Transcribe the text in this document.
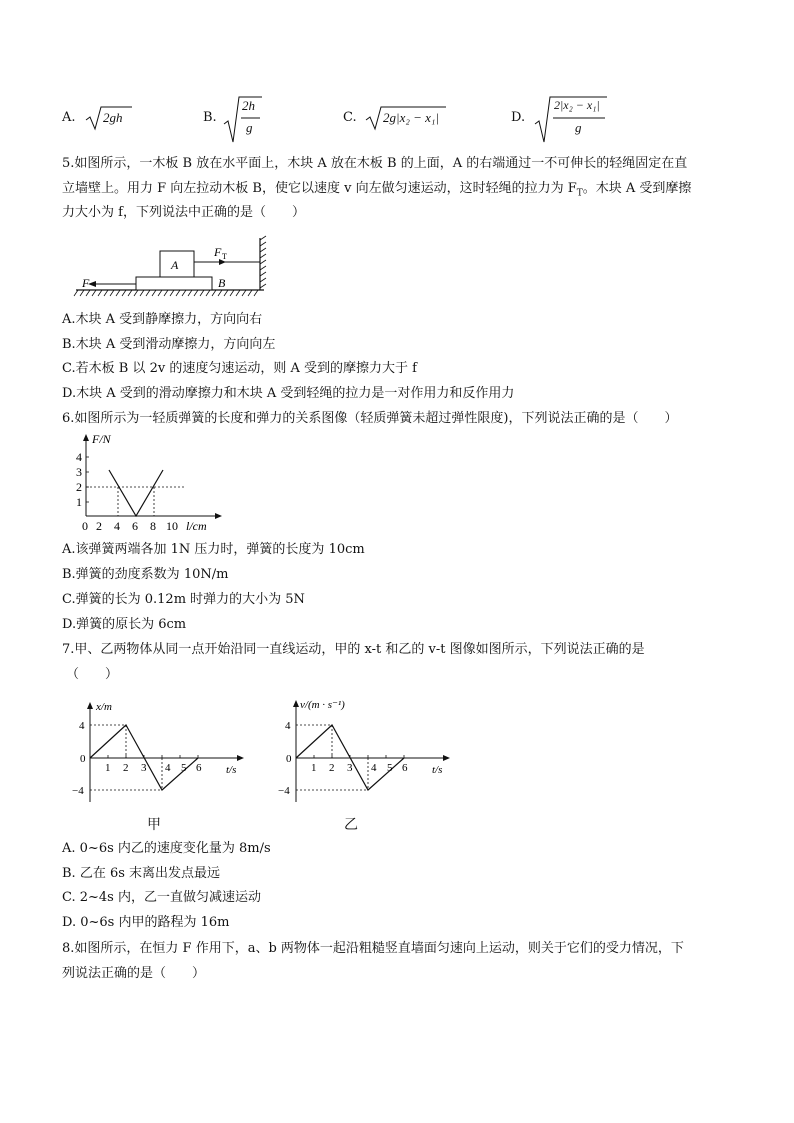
A. 2gh	B.
2h
g
C. 2g|x₂ − x₁|	D.
2|x₂ − x₁|
g
5.如图所示，一木板 B 放在水平面上，木块 A 放在木板 B 的上面，A 的右端通过一不可伸长的轻绳固定在直
立墙壁上。用力 F 向左拉动木板 B，使它以速度 v 向左做匀速运动，这时轻绳的拉力为 $F_T$。木块 A 受到摩擦
力大小为 f，下列说法中正确的是（　　）
A
B
F
F T
A.木块 A 受到静摩擦力，方向向右
B.木块 A 受到滑动摩擦力，方向向左
C.若木板 B 以 2v 的速度匀速运动，则 A 受到的摩擦力大于 f
D.木块 A 受到的滑动摩擦力和木块 A 受到轻绳的拉力是一对作用力和反作用力
6.如图所示为一轻质弹簧的长度和弹力的关系图像（轻质弹簧未超过弹性限度)，下列说法正确的是（　　）
F/N
4
3
2
1
0 2 4 6 8 10 l/cm
A.该弹簧两端各加 1N 压力时，弹簧的长度为 10cm
B.弹簧的劲度系数为 10N/m
C.弹簧的长为 0.12m 时弹力的大小为 5N
D.弹簧的原长为 6cm
7.甲、乙两物体从同一点开始沿同一直线运动，甲的 x-t 和乙的 v-t 图像如图所示，下列说法正确的是
（　　）
x/m
4
0
−4
1 2 3 4 5 6 t/s
甲
v/(m · s⁻¹)
4
0
−4
1 2 3 4 5 6 t/s
乙
A. 0~6s 内乙的速度变化量为 8m/s
B. 乙在 6s 末离出发点最远
C. 2~4s 内，乙一直做匀减速运动
D. 0~6s 内甲的路程为 16m
8.如图所示，在恒力 F 作用下，a、b 两物体一起沿粗糙竖直墙面匀速向上运动，则关于它们的受力情况，下
列说法正确的是（　　）
